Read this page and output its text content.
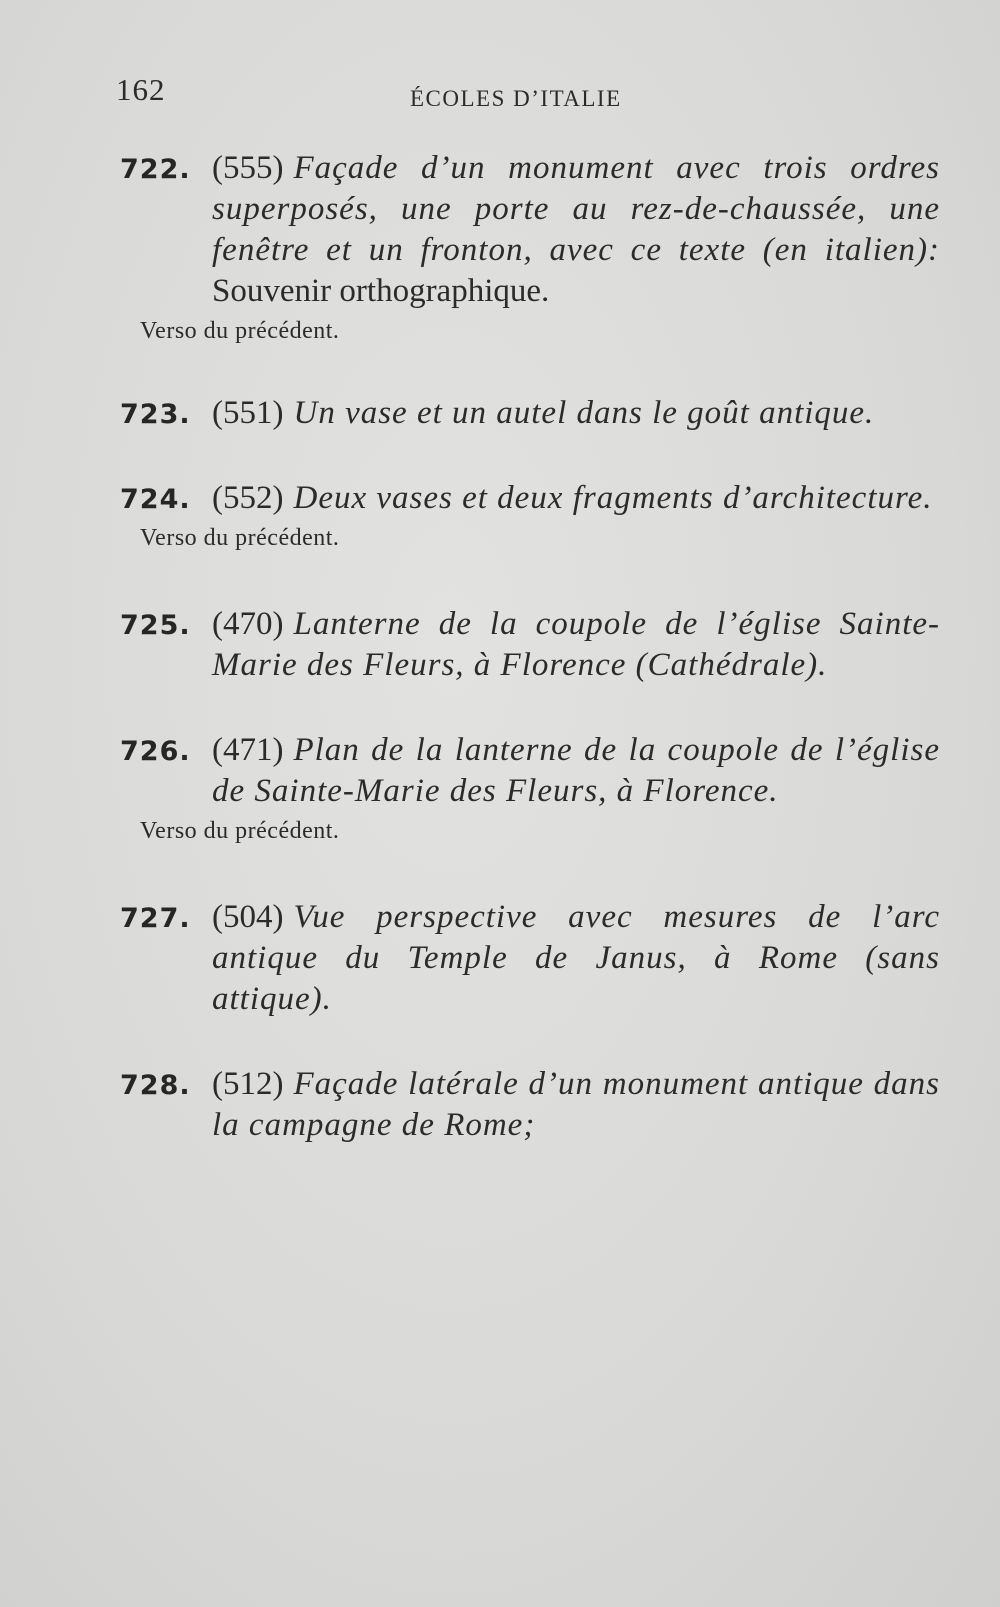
162	ÉCOLES D’ITALIE
722. (555) Façade d’un monument avec trois ordres superposés, une porte au rez-de-chaussée, une fenêtre et un fronton, avec ce texte (en italien): Souvenir orthographique.
Verso du précédent.
723. (551) Un vase et un autel dans le goût antique.
724. (552) Deux vases et deux fragments d’architecture.
Verso du précédent.
725. (470) Lanterne de la coupole de l’église Sainte-Marie des Fleurs, à Florence (Cathédrale).
726. (471) Plan de la lanterne de la coupole de l’église de Sainte-Marie des Fleurs, à Florence.
Verso du précédent.
727. (504) Vue perspective avec mesures de l’arc antique du Temple de Janus, à Rome (sans attique).
728. (512) Façade latérale d’un monument antique dans la campagne de Rome;
